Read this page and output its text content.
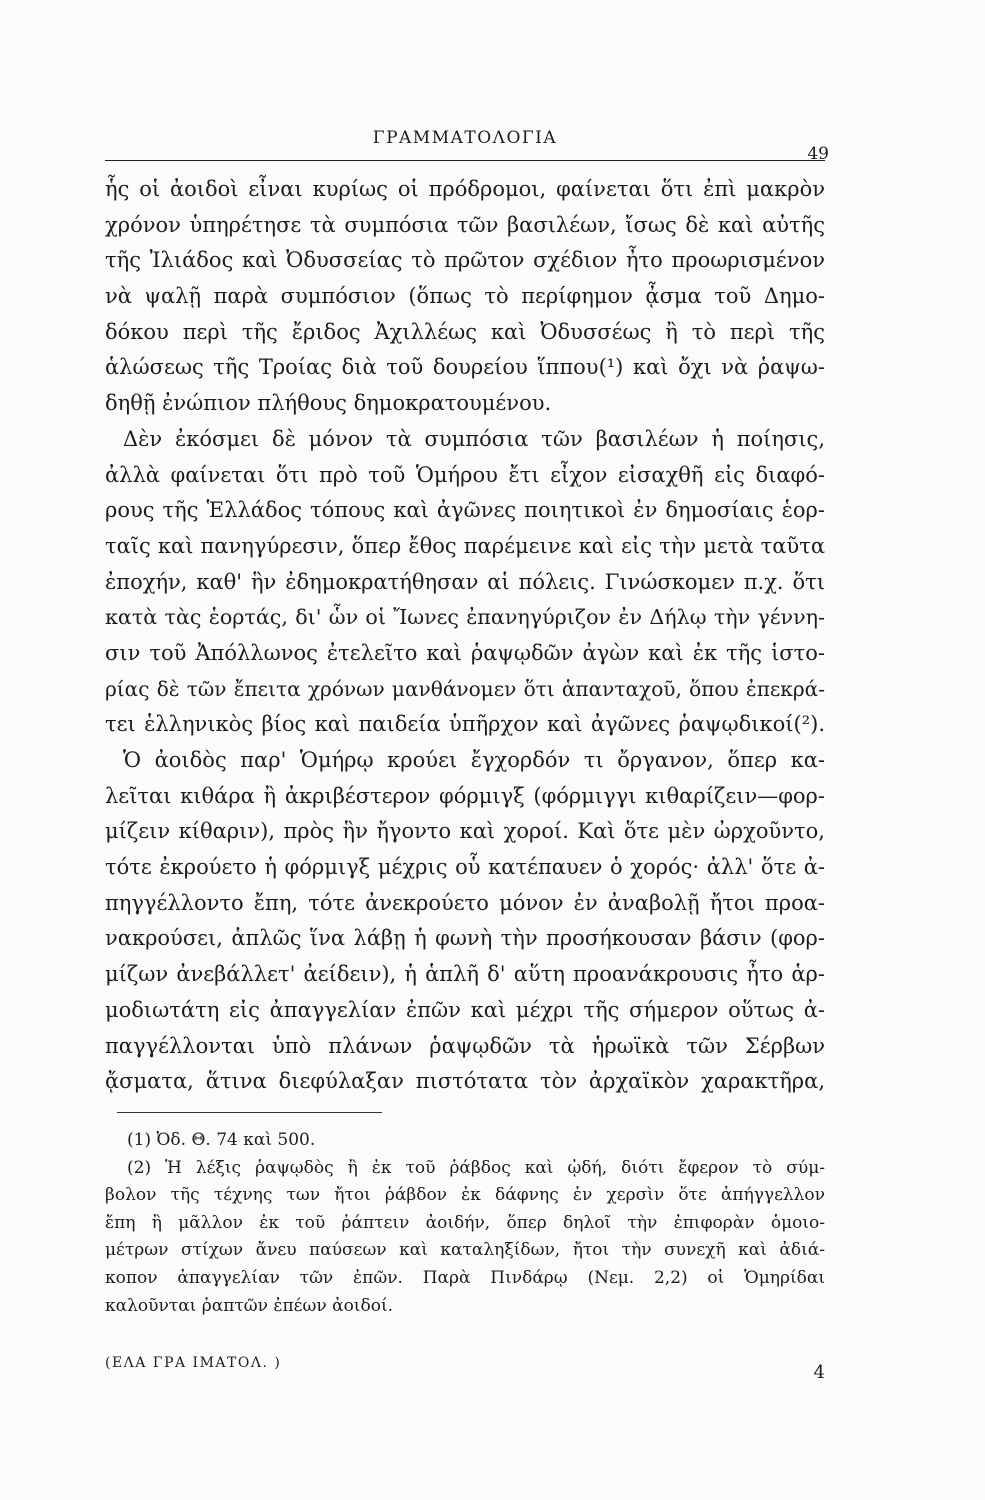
ΓΡΑΜΜΑΤΟΛΟΓΙΑ
49
ἧς οἱ ἀοιδοὶ εἶναι κυρίως οἱ πρόδρομοι, φαίνεται ὅτι ἐπὶ μακρὸν
χρόνον ὑπηρέτησε τὰ συμπόσια τῶν βασιλέων, ἴσως δὲ καὶ αὐτῆς
τῆς Ἰλιάδος καὶ Ὀδυσσείας τὸ πρῶτον σχέδιον ἦτο προωρισμένον
νὰ ψαλῇ παρὰ συμπόσιον (ὅπως τὸ περίφημον ᾆσμα τοῦ Δημο-
δόκου περὶ τῆς ἔριδος Ἀχιλλέως καὶ Ὀδυσσέως ἢ τὸ περὶ τῆς
ἁλώσεως τῆς Τροίας διὰ τοῦ δουρείου ἵππου(¹) καὶ ὄχι νὰ ῥαψω-
δηθῇ ἐνώπιον πλήθους δημοκρατουμένου.
Δὲν ἐκόσμει δὲ μόνον τὰ συμπόσια τῶν βασιλέων ἡ ποίησις,
ἀλλὰ φαίνεται ὅτι πρὸ τοῦ Ὁμήρου ἔτι εἶχον εἰσαχθῆ εἰς διαφό-
ρους τῆς Ἑλλάδος τόπους καὶ ἀγῶνες ποιητικοὶ ἐν δημοσίαις ἑορ-
ταῖς καὶ πανηγύρεσιν, ὅπερ ἔθος παρέμεινε καὶ εἰς τὴν μετὰ ταῦτα
ἐποχήν, καθ' ἣν ἐδημοκρατήθησαν αἱ πόλεις. Γινώσκομεν π.χ. ὅτι
κατὰ τὰς ἑορτάς, δι' ὧν οἱ Ἴωνες ἐπανηγύριζον ἐν Δήλῳ τὴν γέννη-
σιν τοῦ Ἀπόλλωνος ἐτελεῖτο καὶ ῥαψῳδῶν ἀγὼν καὶ ἐκ τῆς ἱστο-
ρίας δὲ τῶν ἔπειτα χρόνων μανθάνομεν ὅτι ἁπανταχοῦ, ὅπου ἐπεκρά-
τει ἑλληνικὸς βίος καὶ παιδεία ὑπῆρχον καὶ ἀγῶνες ῥαψῳδικοί(²).
Ὁ ἀοιδὸς παρ' Ὁμήρῳ κρούει ἔγχορδόν τι ὄργανον, ὅπερ κα-
λεῖται κιθάρα ἢ ἀκριβέστερον φόρμιγξ (φόρμιγγι κιθαρίζειν—φορ-
μίζειν κίθαριν), πρὸς ἣν ἤγοντο καὶ χοροί. Καὶ ὅτε μὲν ὠρχοῦντο,
τότε ἐκρούετο ἡ φόρμιγξ μέχρις οὗ κατέπαυεν ὁ χορός· ἀλλ' ὅτε ἀ-
πηγγέλλοντο ἔπη, τότε ἀνεκρούετο μόνον ἐν ἀναβολῇ ἤτοι προα-
νακρούσει, ἁπλῶς ἵνα λάβῃ ἡ φωνὴ τὴν προσήκουσαν βάσιν (φορ-
μίζων ἀνεβάλλετ' ἀείδειν), ἡ ἁπλῆ δ' αὕτη προανάκρουσις ἦτο ἁρ-
μοδιωτάτη εἰς ἀπαγγελίαν ἐπῶν καὶ μέχρι τῆς σήμερον οὕτως ἀ-
παγγέλλονται ὑπὸ πλάνων ῥαψῳδῶν τὰ ἡρωϊκὰ τῶν Σέρβων
ᾄσματα, ἅτινα διεφύλαξαν πιστότατα τὸν ἀρχαϊκὸν χαρακτῆρα,
(1) Ὀδ. Θ. 74 καὶ 500.
(2) Ἡ λέξις ῥαψῳδὸς ἢ ἐκ τοῦ ῥάβδος καὶ ᾠδή, διότι ἔφερον τὸ σύμ-
βολον τῆς τέχνης των ἤτοι ῥάβδον ἐκ δάφνης ἐν χερσὶν ὅτε ἀπήγγελλον
ἔπη ἢ μᾶλλον ἐκ τοῦ ῥάπτειν ἀοιδήν, ὅπερ δηλοῖ τὴν ἐπιφορὰν ὁμοιο-
μέτρων στίχων ἄνευ παύσεων καὶ καταληξίδων, ἤτοι τὴν συνεχῆ καὶ ἀδιά-
κοπον ἀπαγγελίαν τῶν ἐπῶν. Παρὰ Πινδάρῳ (Νεμ. 2,2) οἱ Ὁμηρίδαι
καλοῦνται ῥαπτῶν ἐπέων ἀοιδοί.
(ΕΛΑ ΓΡΑ ΙΜΑΤΟΛ. )	4
